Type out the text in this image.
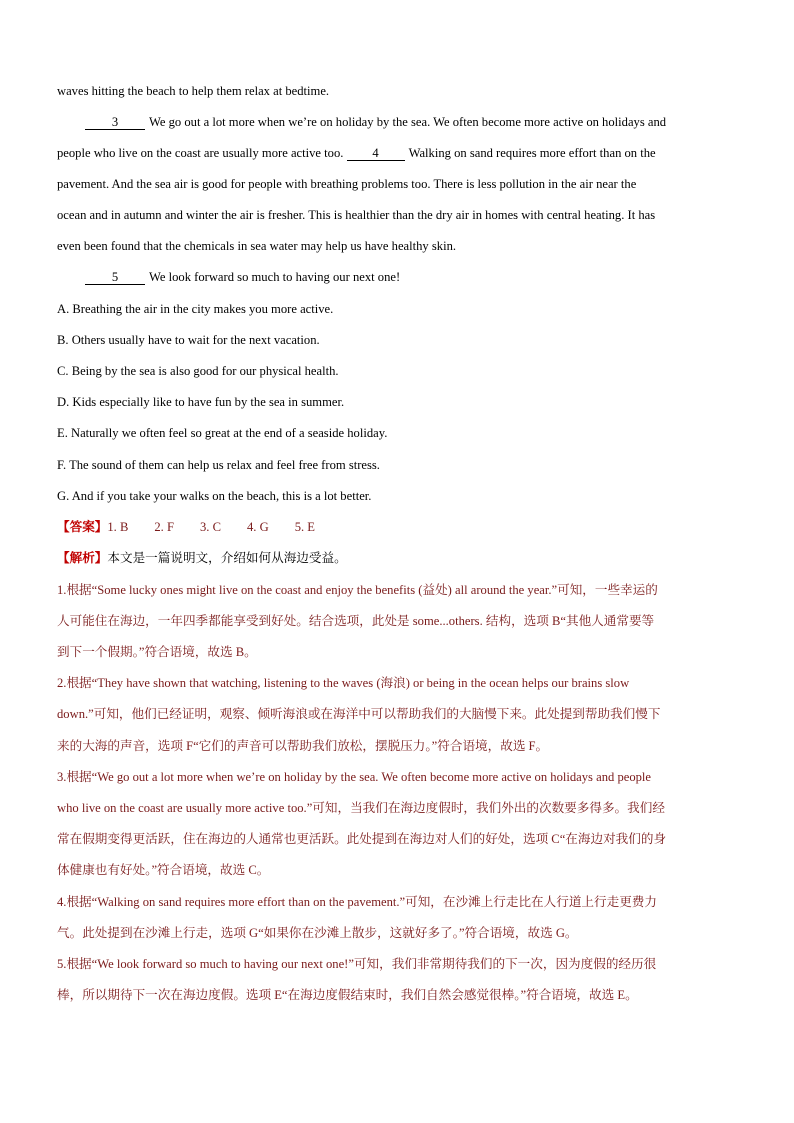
waves hitting the beach to help them relax at bedtime.

3 We go out a lot more when we’re on holiday by the sea. We often become more active on holidays and

people who live on the coast are usually more active too. 4 Walking on sand requires more effort than on the

pavement. And the sea air is good for people with breathing problems too. There is less pollution in the air near the

ocean and in autumn and winter the air is fresher. This is healthier than the dry air in homes with central heating. It has

even been found that the chemicals in sea water may help us have healthy skin.

5 We look forward so much to having our next one!

A. Breathing the air in the city makes you more active.

B. Others usually have to wait for the next vacation.

C. Being by the sea is also good for our physical health.

D. Kids especially like to have fun by the sea in summer.

E. Naturally we often feel so great at the end of a seaside holiday.

F. The sound of them can help us relax and feel free from stress.

G. And if you take your walks on the beach, this is a lot better.

【答案】1. B 2. F 3. C 4. G 5. E

【解析】本文是一篇说明文，介绍如何从海边受益。

1.根据“Some lucky ones might live on the coast and enjoy the benefits (益处) all around the year.”可知，一些幸运的

人可能住在海边，一年四季都能享受到好处。结合选项，此处是 some...others. 结构，选项 B“其他人通常要等

到下一个假期。”符合语境，故选 B。

2.根据“They have shown that watching, listening to the waves (海浪) or being in the ocean helps our brains slow

down.”可知，他们已经证明，观察、倾听海浪或在海洋中可以帮助我们的大脑慢下来。此处提到帮助我们慢下

来的大海的声音，选项 F“它们的声音可以帮助我们放松，摆脱压力。”符合语境，故选 F。

3.根据“We go out a lot more when we’re on holiday by the sea. We often become more active on holidays and people

who live on the coast are usually more active too.”可知，当我们在海边度假时，我们外出的次数要多得多。我们经

常在假期变得更活跃，住在海边的人通常也更活跃。此处提到在海边对人们的好处，选项 C“在海边对我们的身

体健康也有好处。”符合语境，故选 C。

4.根据“Walking on sand requires more effort than on the pavement.”可知，在沙滩上行走比在人行道上行走更费力

气。此处提到在沙滩上行走，选项 G“如果你在沙滩上散步，这就好多了。”符合语境，故选 G。

5.根据“We look forward so much to having our next one!”可知，我们非常期待我们的下一次，因为度假的经历很

棒，所以期待下一次在海边度假。选项 E“在海边度假结束时，我们自然会感觉很棒。”符合语境，故选 E。
